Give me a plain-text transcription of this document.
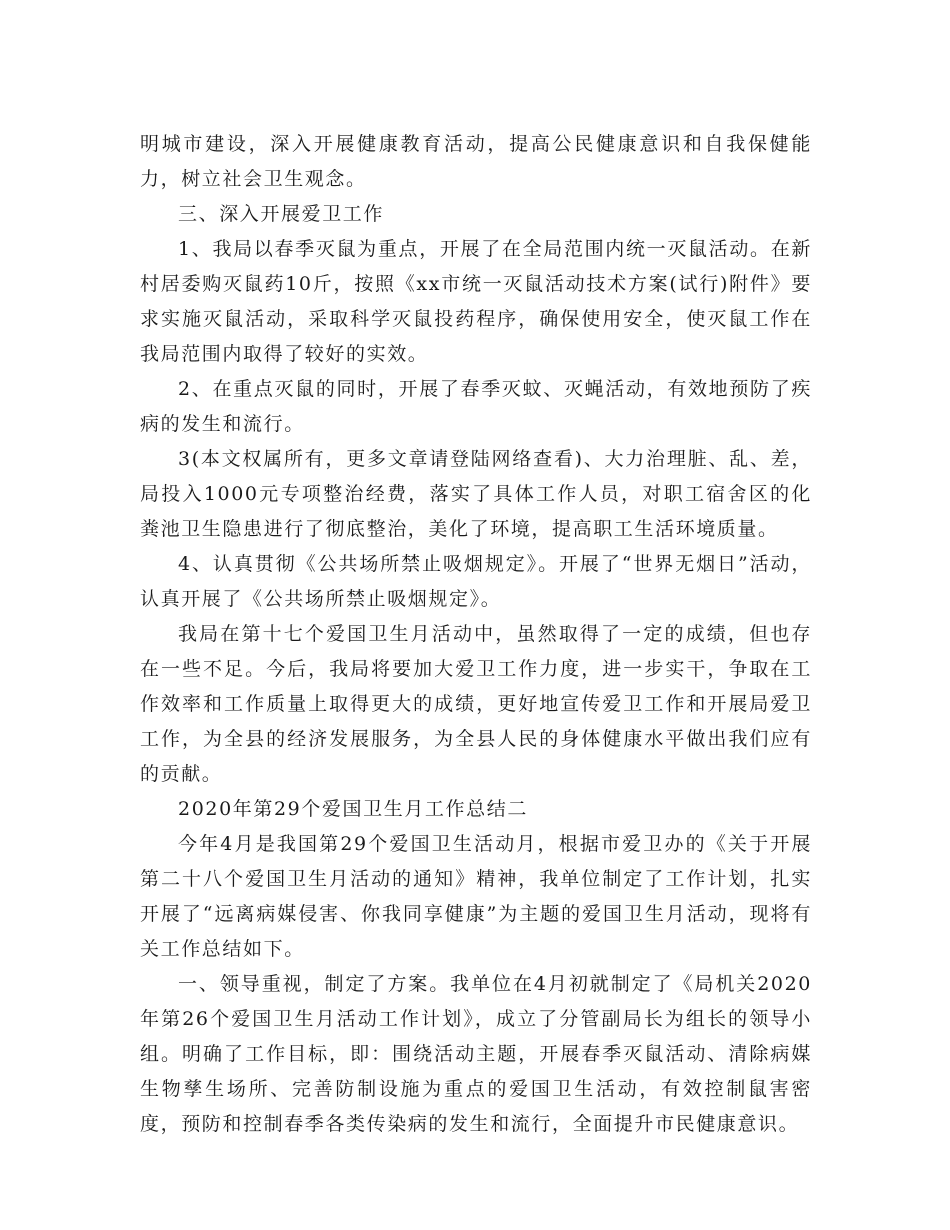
明城市建设，深入开展健康教育活动，提高公民健康意识和自我保健能力，树立社会卫生观念。

三、深入开展爱卫工作

1、我局以春季灭鼠为重点，开展了在全局范围内统一灭鼠活动。在新村居委购灭鼠药10斤，按照《xx市统一灭鼠活动技术方案(试行)附件》要求实施灭鼠活动，采取科学灭鼠投药程序，确保使用安全，使灭鼠工作在我局范围内取得了较好的实效。

2、在重点灭鼠的同时，开展了春季灭蚊、灭蝇活动，有效地预防了疾病的发生和流行。

3(本文权属所有，更多文章请登陆网络查看)、大力治理脏、乱、差，局投入1000元专项整治经费，落实了具体工作人员，对职工宿舍区的化粪池卫生隐患进行了彻底整治，美化了环境，提高职工生活环境质量。

4、认真贯彻《公共场所禁止吸烟规定》。开展了“世界无烟日”活动，认真开展了《公共场所禁止吸烟规定》。

我局在第十七个爱国卫生月活动中，虽然取得了一定的成绩，但也存在一些不足。今后，我局将要加大爱卫工作力度，进一步实干，争取在工作效率和工作质量上取得更大的成绩，更好地宣传爱卫工作和开展局爱卫工作，为全县的经济发展服务，为全县人民的身体健康水平做出我们应有的贡献。

2020年第29个爱国卫生月工作总结二

今年4月是我国第29个爱国卫生活动月，根据市爱卫办的《关于开展第二十八个爱国卫生月活动的通知》精神，我单位制定了工作计划，扎实开展了“远离病媒侵害、你我同享健康”为主题的爱国卫生月活动，现将有关工作总结如下。

一、领导重视，制定了方案。我单位在4月初就制定了《局机关2020年第26个爱国卫生月活动工作计划》，成立了分管副局长为组长的领导小组。明确了工作目标，即：围绕活动主题，开展春季灭鼠活动、清除病媒生物孳生场所、完善防制设施为重点的爱国卫生活动，有效控制鼠害密度，预防和控制春季各类传染病的发生和流行，全面提升市民健康意识。
